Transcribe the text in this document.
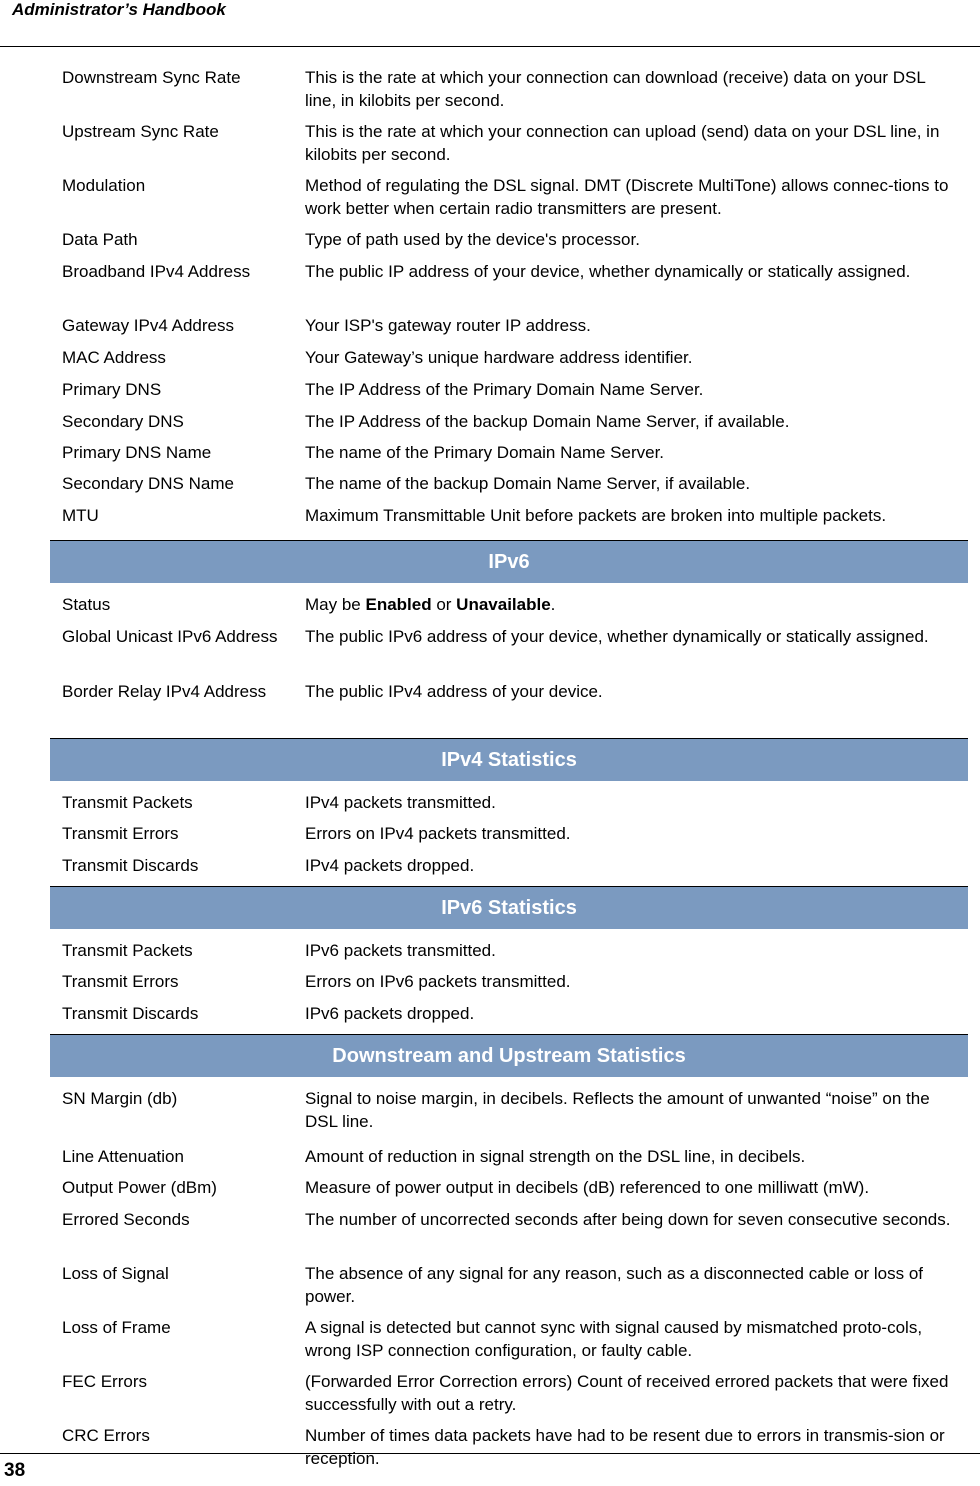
Administrator’s Handbook
Downstream Sync Rate	This is the rate at which your connection can download (receive) data on your DSL line, in kilobits per second.
Upstream Sync Rate	This is the rate at which your connection can upload (send) data on your DSL line, in kilobits per second.
Modulation	Method of regulating the DSL signal. DMT (Discrete MultiTone) allows connec-tions to work better when certain radio transmitters are present.
Data Path	Type of path used by the device's processor.
Broadband IPv4 Address	The public IP address of your device, whether dynamically or statically assigned.
Gateway IPv4 Address	Your ISP's gateway router IP address.
MAC Address	Your Gateway’s unique hardware address identifier.
Primary DNS	The IP Address of the Primary Domain Name Server.
Secondary DNS	The IP Address of the backup Domain Name Server, if available.
Primary DNS Name	The name of the Primary Domain Name Server.
Secondary DNS Name	The name of the backup Domain Name Server, if available.
MTU	Maximum Transmittable Unit before packets are broken into multiple packets.
IPv6
Status	May be Enabled or Unavailable.
Global Unicast IPv6 Address	The public IPv6 address of your device, whether dynamically or statically assigned.
Border Relay IPv4 Address	The public IPv4 address of your device.
IPv4 Statistics
Transmit Packets	IPv4 packets transmitted.
Transmit Errors	Errors on IPv4 packets transmitted.
Transmit Discards	IPv4 packets dropped.
IPv6 Statistics
Transmit Packets	IPv6 packets transmitted.
Transmit Errors	Errors on IPv6 packets transmitted.
Transmit Discards	IPv6 packets dropped.
Downstream and Upstream Statistics
SN Margin (db)	Signal to noise margin, in decibels. Reflects the amount of unwanted “noise” on the DSL line.
Line Attenuation	Amount of reduction in signal strength on the DSL line, in decibels.
Output Power (dBm)	Measure of power output in decibels (dB) referenced to one milliwatt (mW).
Errored Seconds	The number of uncorrected seconds after being down for seven consecutive seconds.
Loss of Signal	The absence of any signal for any reason, such as a disconnected cable or loss of power.
Loss of Frame	A signal is detected but cannot sync with signal caused by mismatched proto-cols, wrong ISP connection configuration, or faulty cable.
FEC Errors	(Forwarded Error Correction errors) Count of received errored packets that were fixed successfully with out a retry.
CRC Errors	Number of times data packets have had to be resent due to errors in transmis-sion or reception.
38
